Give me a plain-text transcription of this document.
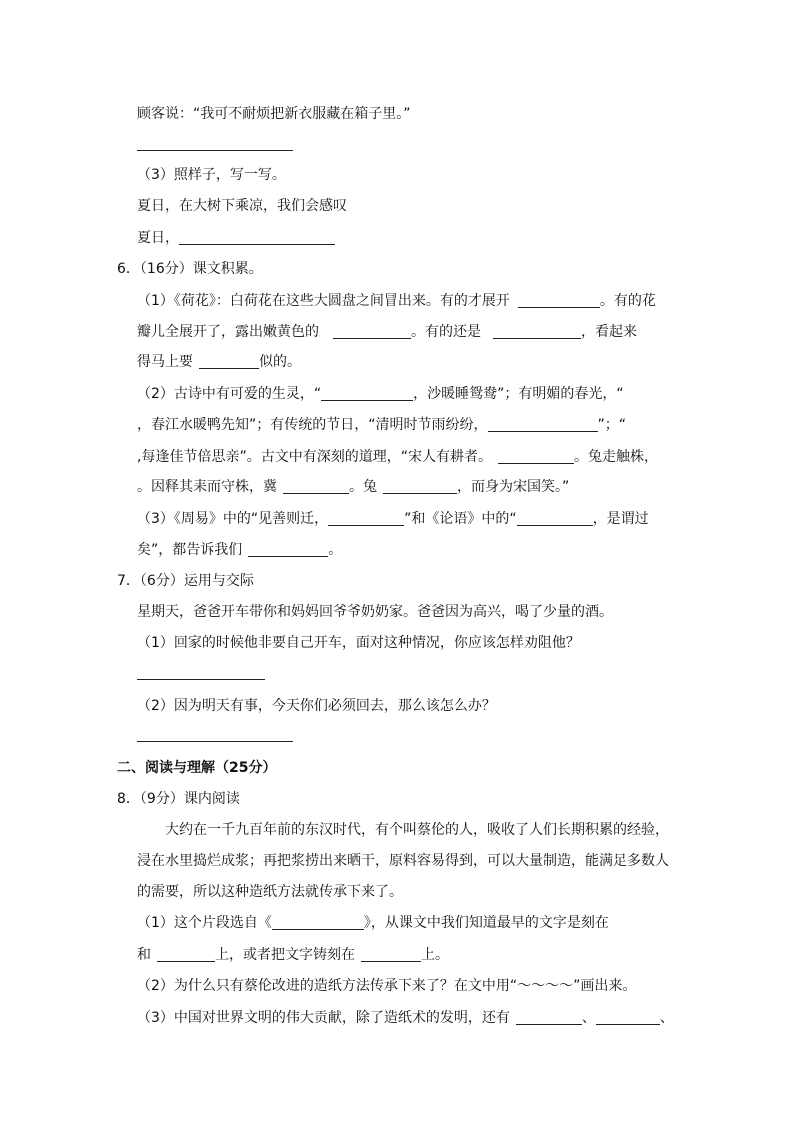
顾客说：“我可不耐烦把新衣服藏在箱子里。”
（3）照样子，写一写。
夏日，在大树下乘凉，我们会感叹
夏日，
6．（16分）课文积累。
（1）《荷花》：白荷花在这些大圆盘之间冒出来。有的才展开	。有的花
瓣儿全展开了，露出嫩黄色的	。有的还是	，看起来
得马上要	似的。
（2）古诗中有可爱的生灵，“	，沙暖睡鸳鸯”；有明媚的春光，“
，春江水暖鸭先知”；有传统的节日，“清明时节雨纷纷，	”；“
,每逢佳节倍思亲”。古文中有深刻的道理，“宋人有耕者。	。兔走触株，
。因释其耒而守株，冀	。兔	，而身为宋国笑。”
（3）《周易》中的“见善则迁，	”和《论语》中的“	，是谓过
矣”，都告诉我们	。
7．（6分）运用与交际
星期天，爸爸开车带你和妈妈回爷爷奶奶家。爸爸因为高兴，喝了少量的酒。
（1）回家的时候他非要自己开车，面对这种情况，你应该怎样劝阻他？
（2）因为明天有事，今天你们必须回去，那么该怎么办？
二、阅读与理解（25分）
8．（9分）课内阅读
大约在一千九百年前的东汉时代，有个叫蔡伦的人，吸收了人们长期积累的经验，
浸在水里捣烂成浆；再把浆捞出来晒干，原料容易得到，可以大量制造，能满足多数人
的需要，所以这种造纸方法就传承下来了。
（1）这个片段选自《	》，从课文中我们知道最早的文字是刻在
和	上，或者把文字铸刻在	上。
（2）为什么只有蔡伦改进的造纸方法传承下来了？在文中用“～～～～”画出来。
（3）中国对世界文明的伟大贡献，除了造纸术的发明，还有	、	、
